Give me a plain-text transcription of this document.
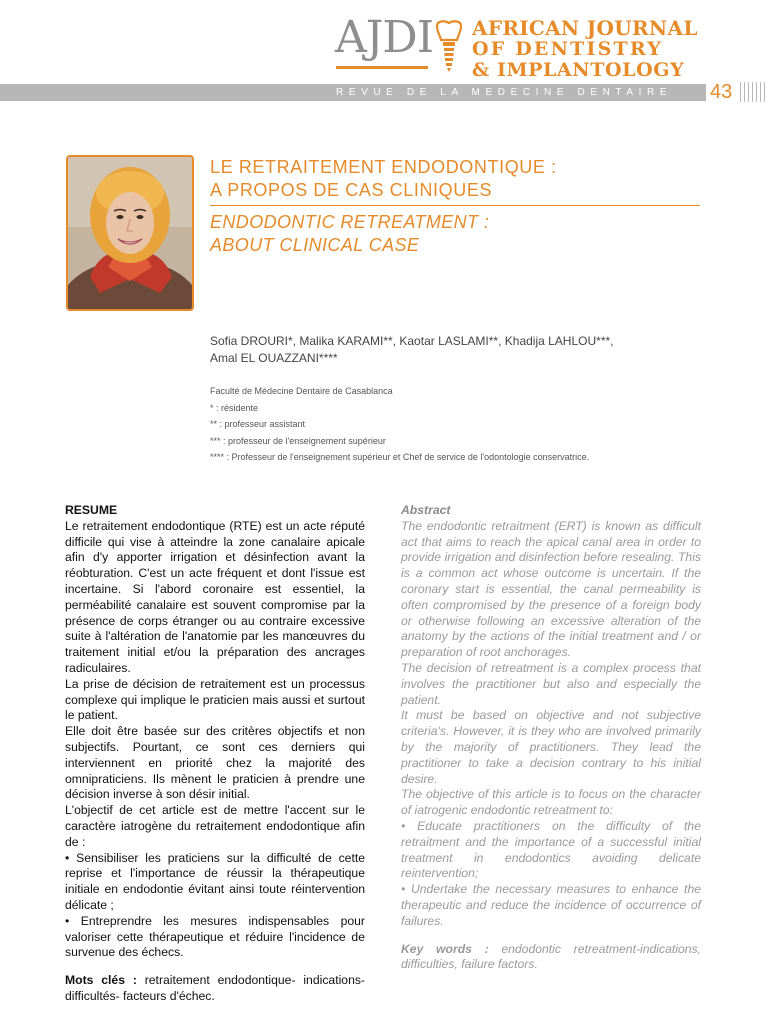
AJDI AFRICAN JOURNAL
OF DENTISTRY
& IMPLANTOLOGY
REVUE DE LA MEDECINE DENTAIRE	43
LE RETRAITEMENT ENDODONTIQUE :
A PROPOS DE CAS CLINIQUES
ENDODONTIC RETREATMENT :
ABOUT CLINICAL CASE
Sofia DROURI*, Malika KARAMI**, Kaotar LASLAMI**, Khadija LAHLOU***,
Amal EL OUAZZANI****
Faculté de Médecine Dentaire de Casablanca
* : résidente
** : professeur assistant
*** : professeur de l'enseignement supérieur
**** : Professeur de l'enseignement supérieur et Chef de service de l'odontologie conservatrice.

RESUME

Le retraitement endodontique (RTE) est un acte réputé difficile qui vise à atteindre la zone canalaire apicale afin d'y apporter irrigation et désinfection avant la réobturation. C'est un acte fréquent et dont l'issue est incertaine. Si l'abord coronaire est essentiel, la perméabilité canalaire est souvent compromise par la présence de corps étranger ou au contraire excessive suite à l'altération de l'anatomie par les manœuvres du traitement initial et/ou la préparation des ancrages radiculaires.

La prise de décision de retraitement est un processus complexe qui implique le praticien mais aussi et surtout le patient.

Elle doit être basée sur des critères objectifs et non subjectifs. Pourtant, ce sont ces derniers qui interviennent en priorité chez la majorité des omnipraticiens. Ils mènent le praticien à prendre une décision inverse à son désir initial.

L'objectif de cet article est de mettre l'accent sur le caractère iatrogène du retraitement endodontique afin de :

• Sensibiliser les praticiens sur la difficulté de cette reprise et l'importance de réussir la thérapeutique initiale en endodontie évitant ainsi toute réintervention délicate ;

• Entreprendre les mesures indispensables pour valoriser cette thérapeutique et réduire l'incidence de survenue des échecs.

Mots clés : retraitement endodontique- indications- difficultés- facteurs d'échec.

Abstract

The endodontic retraitment (ERT) is known as difficult act that aims to reach the apical canal area in order to provide irrigation and disinfection before resealing. This is a common act whose outcome is uncertain. If the coronary start is essential, the canal permeability is often compromised by the presence of a foreign body or otherwise following an excessive alteration of the anatomy by the actions of the initial treatment and / or preparation of root anchorages.

The decision of retreatment is a complex process that involves the practitioner but also and especially the patient.

It must be based on objective and not subjective criteria's. However, it is they who are involved primarily by the majority of practitioners. They lead the practitioner to take a decision contrary to his initial desire.

The objective of this article is to focus on the character of iatrogenic endodontic retreatment to:

• Educate practitioners on the difficulty of the retraitment and the importance of a successful initial treatment in endodontics avoiding delicate reintervention;

• Undertake the necessary measures to enhance the therapeutic and reduce the incidence of occurrence of failures.

Key words : endodontic retreatment-indications, difficulties, failure factors.
